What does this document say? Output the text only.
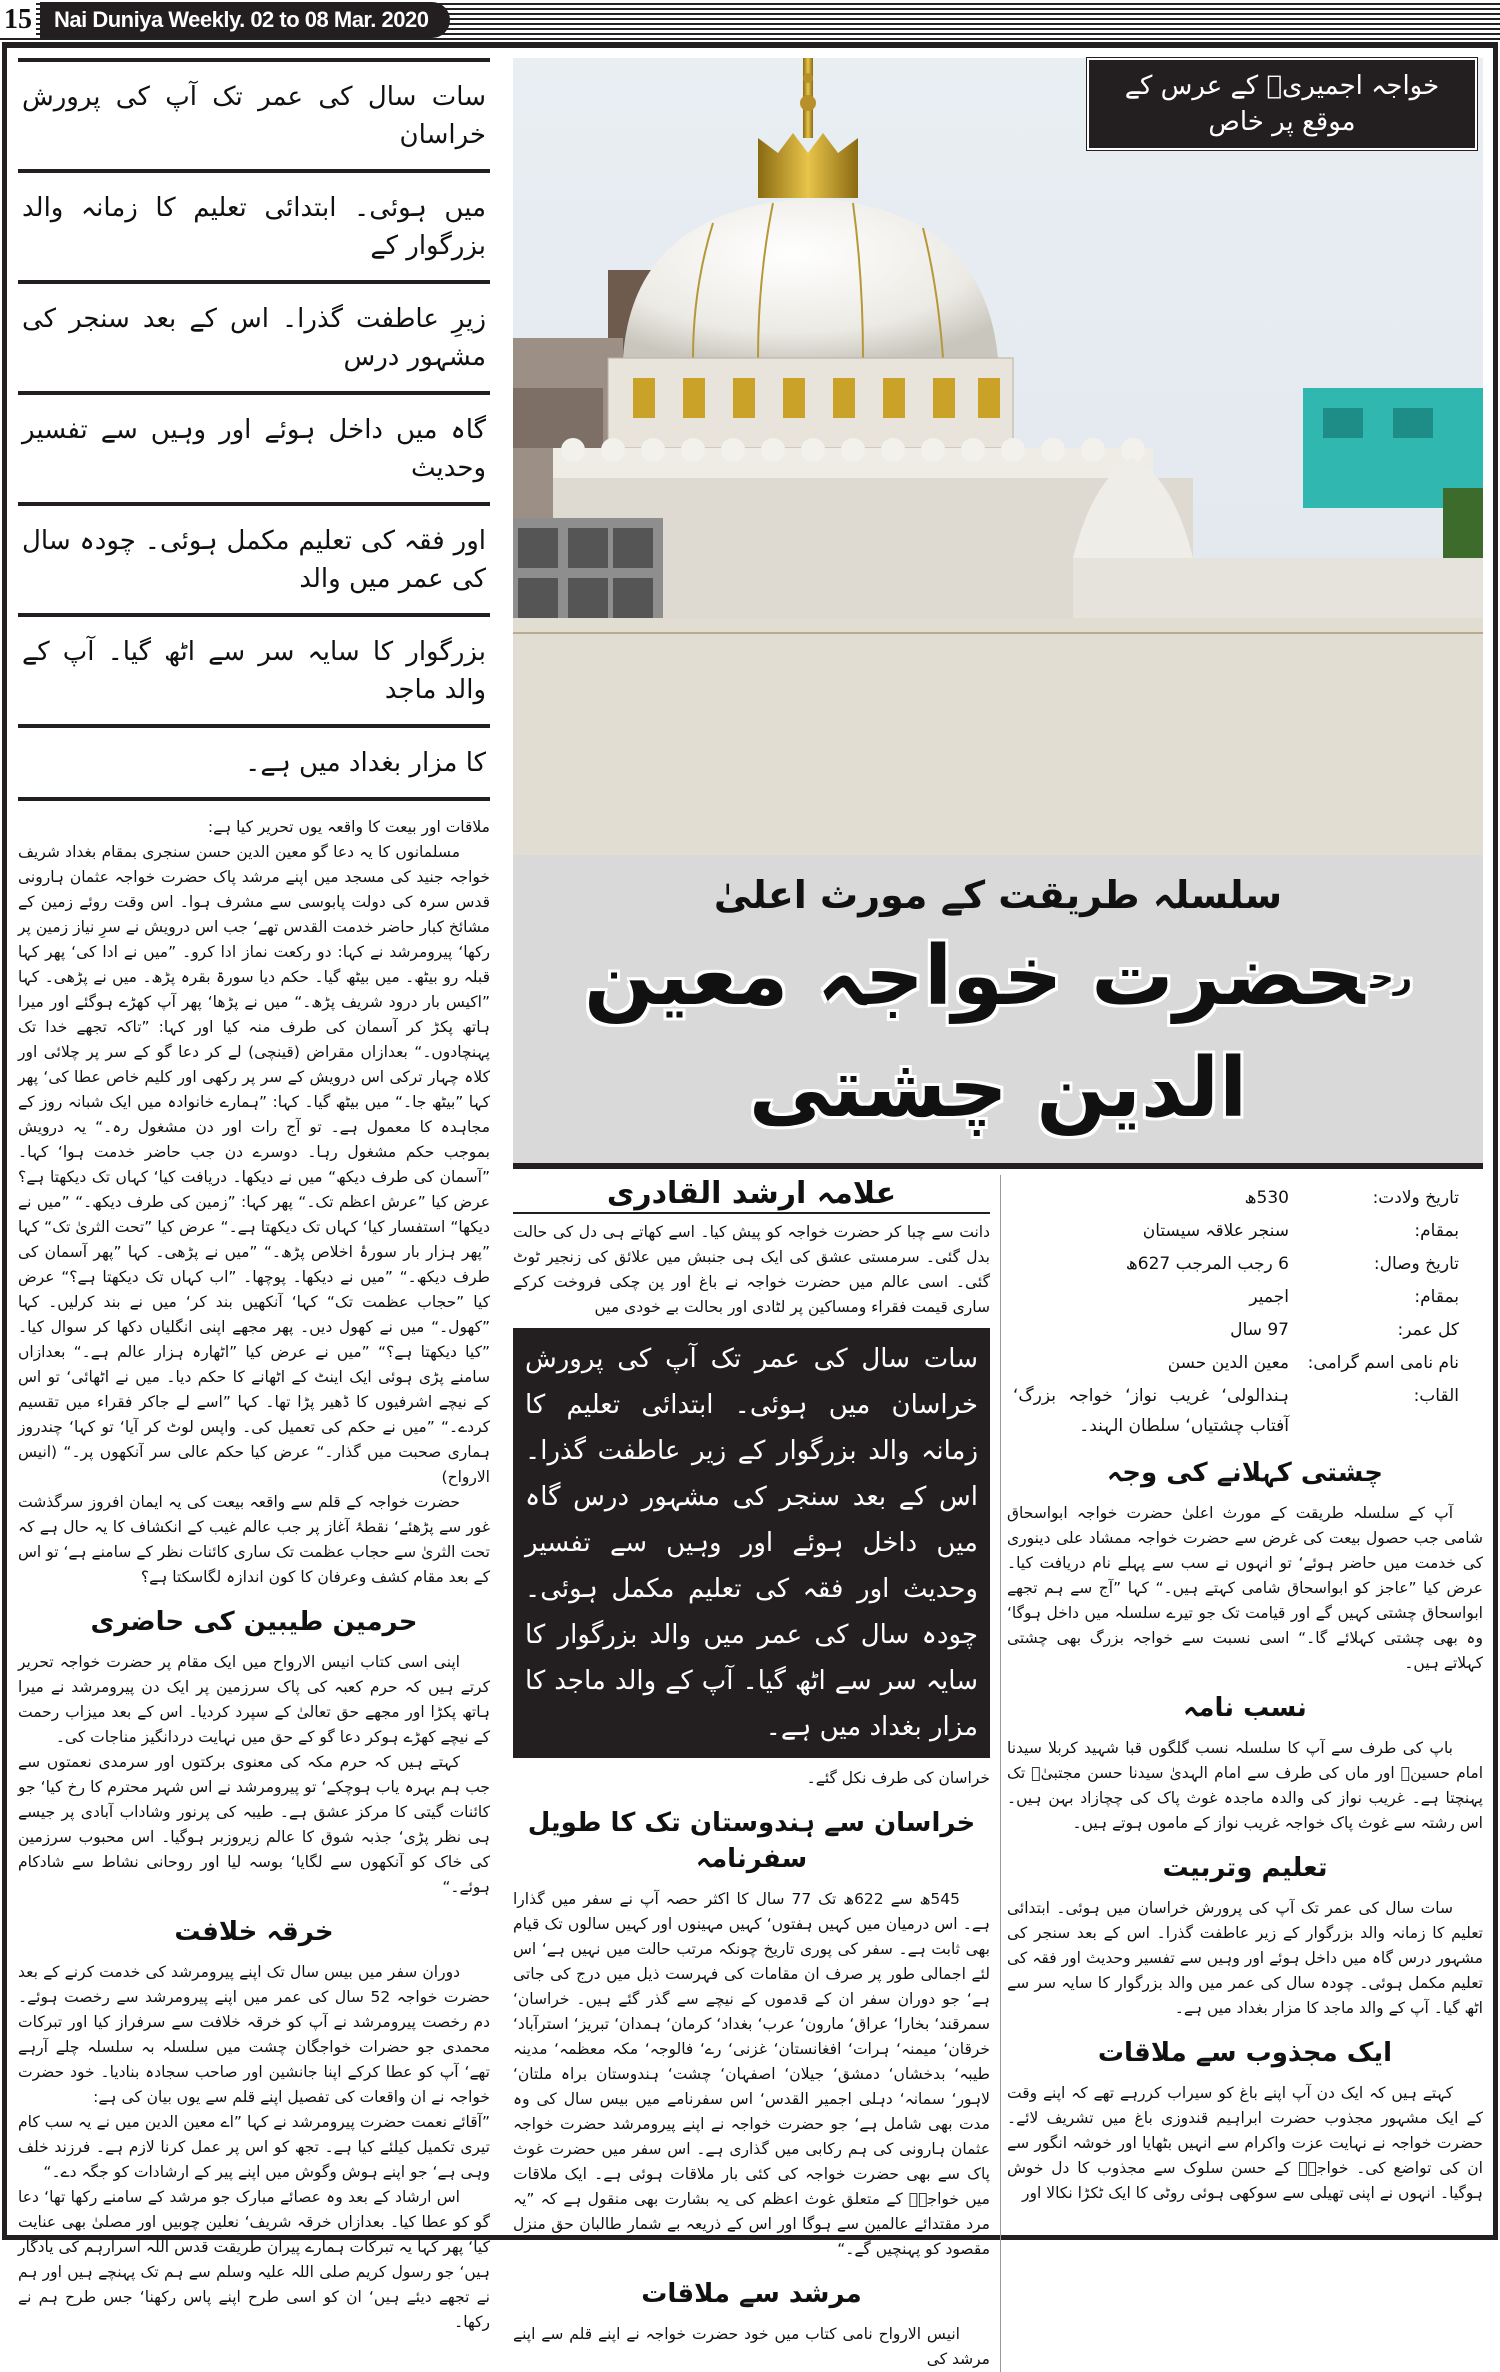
15	Nai Duniya Weekly. 02 to 08 Mar. 2020
سات سال کی عمر تک آپ کی پرورش خراسان
میں ہوئی۔ ابتدائی تعلیم کا زمانہ والد بزرگوار کے
زیرِ عاطفت گذرا۔ اس کے بعد سنجر کی مشہور درس
گاہ میں داخل ہوئے اور وہیں سے تفسیر وحدیث
اور فقہ کی تعلیم مکمل ہوئی۔ چودہ سال کی عمر میں والد
بزرگوار کا سایہ سر سے اٹھ گیا۔ آپ کے والد ماجد
کا مزار بغداد میں ہے۔

ملاقات اور بیعت کا واقعہ یوں تحریر کیا ہے:

مسلمانوں کا یہ دعا گو معین الدین حسن سنجری بمقام بغداد شریف خواجہ جنید کی مسجد میں اپنے مرشد پاک حضرت خواجہ عثمان ہارونی قدس سرہ کی دولت پابوسی سے مشرف ہوا۔ اس وقت روئے زمین کے مشائخ کبار حاضر خدمت القدس تھے‘ جب اس درویش نے سرِ نیاز زمین پر رکھا‘ پیرومرشد نے کہا: دو رکعت نماز ادا کرو۔ ”میں نے ادا کی‘ پھر کہا قبلہ رو بیٹھ۔ میں بیٹھ گیا۔ حکم دیا سورۃ بقرہ پڑھ۔ میں نے پڑھی۔ کہا ”اکیس بار درود شریف پڑھ۔“ میں نے پڑھا‘ پھر آپ کھڑے ہوگئے اور میرا ہاتھ پکڑ کر آسمان کی طرف منہ کیا اور کہا: ”تاکہ تجھے خدا تک پہنچادوں۔“ بعدازاں مقراض (قینچی) لے کر دعا گو کے سر پر چلائی اور کلاہ چہار ترکی اس درویش کے سر پر رکھی اور کلیم خاص عطا کی‘ پھر کہا ”بیٹھ جا۔“ میں بیٹھ گیا۔ کہا: ”ہمارے خانوادہ میں ایک شبانہ روز کے مجاہدہ کا معمول ہے۔ تو آج رات اور دن مشغول رہ۔“ یہ درویش بموجب حکم مشغول رہا۔ دوسرے دن جب حاضر خدمت ہوا‘ کہا۔ ”آسمان کی طرف دیکھ“ میں نے دیکھا۔ دریافت کیا‘ کہاں تک دیکھتا ہے؟ عرض کیا ”عرش اعظم تک۔“ پھر کہا: ”زمین کی طرف دیکھ۔“ ”میں نے دیکھا“ استفسار کیا‘ کہاں تک دیکھتا ہے۔“ عرض کیا ”تحت الثریٰ تک“ کہا ”پھر ہزار بار سورۂ اخلاص پڑھ۔“ ”میں نے پڑھی۔ کہا ”پھر آسمان کی طرف دیکھ۔“ ”میں نے دیکھا۔ پوچھا۔ ”اب کہاں تک دیکھتا ہے؟“ عرض کیا ”حجاب عظمت تک“ کہا‘ آنکھیں بند کر‘ میں نے بند کرلیں۔ کہا ”کھول۔“ میں نے کھول دیں۔ پھر مجھے اپنی انگلیاں دکھا کر سوال کیا۔ ”کیا دیکھتا ہے؟“ ”میں نے عرض کیا ”اٹھارہ ہزار عالم ہے۔“ بعدازاں سامنے پڑی ہوئی ایک اینٹ کے اٹھانے کا حکم دیا۔ میں نے اٹھائی‘ تو اس کے نیچے اشرفیوں کا ڈھیر پڑا تھا۔ کہا ”اسے لے جاکر فقراء میں تقسیم کردے۔“ ”میں نے حکم کی تعمیل کی۔ واپس لوٹ کر آیا‘ تو کہا‘ چندروز ہماری صحبت میں گذار۔“ عرض کیا حکم عالی سر آنکھوں پر۔“ (انیس الارواح)

حضرت خواجہ کے قلم سے واقعہ بیعت کی یہ ایمان افروز سرگذشت غور سے پڑھئے‘ نقطۂ آغاز پر جب عالم غیب کے انکشاف کا یہ حال ہے کہ تحت الثریٰ سے حجاب عظمت تک ساری کائنات نظر کے سامنے ہے‘ تو اس کے بعد مقام کشف وعرفان کا کون اندازہ لگاسکتا ہے؟

حرمین طیبین کی حاضری

اپنی اسی کتاب انیس الارواح میں ایک مقام پر حضرت خواجہ تحریر کرتے ہیں کہ حرم کعبہ کی پاک سرزمین پر ایک دن پیرومرشد نے میرا ہاتھ پکڑا اور مجھے حق تعالیٰ کے سپرد کردیا۔ اس کے بعد میزاب رحمت کے نیچے کھڑے ہوکر دعا گو کے حق میں نہایت دردانگیز مناجات کی۔

کہتے ہیں کہ حرم مکہ کی معنوی برکتوں اور سرمدی نعمتوں سے جب ہم بہرہ یاب ہوچکے‘ تو پیرومرشد نے اس شہر محترم کا رخ کیا‘ جو کائنات گیتی کا مرکز عشق ہے۔ طیبہ کی پرنور وشاداب آبادی پر جیسے ہی نظر پڑی‘ جذبہ شوق کا عالم زیروزبر ہوگیا۔ اس محبوب سرزمین کی خاک کو آنکھوں سے لگایا‘ بوسہ لیا اور روحانی نشاط سے شادکام ہوئے۔“

خرقہ خلافت

دوران سفر میں بیس سال تک اپنے پیرومرشد کی خدمت کرنے کے بعد حضرت خواجہ 52 سال کی عمر میں اپنے پیرومرشد سے رخصت ہوئے۔ دم رخصت پیرومرشد نے آپ کو خرقہ خلافت سے سرفراز کیا اور تبرکات محمدی جو حضرات خواجگان چشت میں سلسلہ بہ سلسلہ چلے آرہے تھے‘ آپ کو عطا کرکے اپنا جانشین اور صاحب سجادہ بنادیا۔ خود حضرت خواجہ نے ان واقعات کی تفصیل اپنے قلم سے یوں بیان کی ہے:

”آقائے نعمت حضرت پیرومرشد نے کہا ”اے معین الدین میں نے یہ سب کام تیری تکمیل کیلئے کیا ہے۔ تجھ کو اس پر عمل کرنا لازم ہے۔ فرزند خلف وہی ہے‘ جو اپنے ہوش وگوش میں اپنے پیر کے ارشادات کو جگہ دے۔“

اس ارشاد کے بعد وہ عصائے مبارک جو مرشد کے سامنے رکھا تھا‘ دعا گو کو عطا کیا۔ بعدازاں خرقہ شریف‘ نعلین چوبیں اور مصلیٰ بھی عنایت کیا‘ پھر کہا یہ تبرکات ہمارے پیران طریقت قدس اللہ اسرارہم کی یادگار ہیں‘ جو رسول کریم صلی اللہ علیہ وسلم سے ہم تک پہنچے ہیں اور ہم نے تجھے دیئے ہیں‘ ان کو اسی طرح اپنے پاس رکھنا‘ جس طرح ہم نے رکھا۔

خواجہ اجمیریؒ کے عرس کے موقع پر خاص
سلسلہ طریقت کے مورث اعلیٰ
$^{رح}$حضرت خواجہ معین الدین چشتی
علامہ ارشد القادری

دانت سے چبا کر حضرت خواجہ کو پیش کیا۔ اسے کھاتے ہی دل کی حالت بدل گئی۔ سرمستی عشق کی ایک ہی جنبش میں علائق کی زنجیر ٹوٹ گئی۔ اسی عالم میں حضرت خواجہ نے باغ اور پن چکی فروخت کرکے ساری قیمت فقراء ومساکین پر لٹادی اور بحالت بے خودی میں

سات سال کی عمر تک آپ کی پرورش خراسان میں ہوئی۔ ابتدائی تعلیم کا زمانہ والد بزرگوار کے زیر عاطفت گذرا۔ اس کے بعد سنجر کی مشہور درس گاہ میں داخل ہوئے اور وہیں سے تفسیر وحدیث اور فقہ کی تعلیم مکمل ہوئی۔ چودہ سال کی عمر میں والد بزرگوار کا سایہ سر سے اٹھ گیا۔ آپ کے والد ماجد کا مزار بغداد میں ہے۔

خراسان کی طرف نکل گئے۔

خراسان سے ہندوستان تک کا طویل سفرنامہ

545ھ سے 622ھ تک 77 سال کا اکثر حصہ آپ نے سفر میں گذارا ہے۔ اس درمیان میں کہیں ہفتوں‘ کہیں مہینوں اور کہیں سالوں تک قیام بھی ثابت ہے۔ سفر کی پوری تاریخ چونکہ مرتب حالت میں نہیں ہے‘ اس لئے اجمالی طور پر صرف ان مقامات کی فہرست ذیل میں درج کی جاتی ہے‘ جو دوران سفر ان کے قدموں کے نیچے سے گذر گئے ہیں۔ خراسان‘ سمرقند‘ بخارا‘ عراق‘ مارون‘ عرب‘ بغداد‘ کرمان‘ ہمدان‘ تبریز‘ استرآباد‘ خرقان‘ میمنہ‘ ہرات‘ افغانستان‘ غزنی‘ رے‘ فالوجہ‘ مکہ معظمہ‘ مدینہ طیبہ‘ بدخشاں‘ دمشق‘ جیلان‘ اصفہان‘ چشت‘ ہندوستان براہ ملتان‘ لاہور‘ سمانہ‘ دہلی اجمیر القدس‘ اس سفرنامے میں بیس سال کی وہ مدت بھی شامل ہے‘ جو حضرت خواجہ نے اپنے پیرومرشد حضرت خواجہ عثمان ہارونی کی ہم رکابی میں گذاری ہے۔ اس سفر میں حضرت غوث پاک سے بھی حضرت خواجہ کی کئی بار ملاقات ہوئی ہے۔ ایک ملاقات میں خواجہؒ کے متعلق غوث اعظم کی یہ بشارت بھی منقول ہے کہ ”یہ مرد مقتدائے عالمین سے ہوگا اور اس کے ذریعہ بے شمار طالبان حق منزل مقصود کو پہنچیں گے۔“

مرشد سے ملاقات

انیس الارواح نامی کتاب میں خود حضرت خواجہ نے اپنے قلم سے اپنے مرشد کی

تاریخ ولادت:
530ھ
بمقام:
سنجر علاقہ سیستان
تاریخ وصال:
6 رجب المرجب 627ھ
بمقام:
اجمیر
کل عمر:
97 سال
نام نامی اسم گرامی:
معین الدین حسن
القاب:
ہندالولی‘ غریب نواز‘ خواجہ بزرگ‘ آفتاب چشتیاں‘ سلطان الہند۔
چشتی کہلانے کی وجہ

آپ کے سلسلہ طریقت کے مورث اعلیٰ حضرت خواجہ ابواسحاق شامی جب حصول بیعت کی غرض سے حضرت خواجہ ممشاد علی دینوری کی خدمت میں حاضر ہوئے‘ تو انہوں نے سب سے پہلے نام دریافت کیا۔ عرض کیا ”عاجز کو ابواسحاق شامی کہتے ہیں۔“ کہا ”آج سے ہم تجھے ابواسحاق چشتی کہیں گے اور قیامت تک جو تیرے سلسلہ میں داخل ہوگا‘ وہ بھی چشتی کہلائے گا۔“ اسی نسبت سے خواجہ بزرگ بھی چشتی کہلاتے ہیں۔

نسب نامہ

باپ کی طرف سے آپ کا سلسلہ نسب گلگوں قبا شہید کربلا سیدنا امام حسینؓ اور ماں کی طرف سے امام الہدیٰ سیدنا حسن مجتبیٰؓ تک پہنچتا ہے۔ غریب نواز کی والدہ ماجدہ غوث پاک کی چچازاد بہن ہیں۔ اس رشتہ سے غوث پاک خواجہ غریب نواز کے ماموں ہوتے ہیں۔

تعلیم وتربیت

سات سال کی عمر تک آپ کی پرورش خراسان میں ہوئی۔ ابتدائی تعلیم کا زمانہ والد بزرگوار کے زیر عاطفت گذرا۔ اس کے بعد سنجر کی مشہور درس گاہ میں داخل ہوئے اور وہیں سے تفسیر وحدیث اور فقہ کی تعلیم مکمل ہوئی۔ چودہ سال کی عمر میں والد بزرگوار کا سایہ سر سے اٹھ گیا۔ آپ کے والد ماجد کا مزار بغداد میں ہے۔

ایک مجذوب سے ملاقات

کہتے ہیں کہ ایک دن آپ اپنے باغ کو سیراب کررہے تھے کہ اپنے وقت کے ایک مشہور مجذوب حضرت ابراہیم قندوزی باغ میں تشریف لائے۔ حضرت خواجہ نے نہایت عزت واکرام سے انہیں بٹھایا اور خوشہ انگور سے ان کی تواضع کی۔ خواجہؒ کے حسن سلوک سے مجذوب کا دل خوش ہوگیا۔ انہوں نے اپنی تھیلی سے سوکھی ہوئی روٹی کا ایک ٹکڑا نکالا اور
